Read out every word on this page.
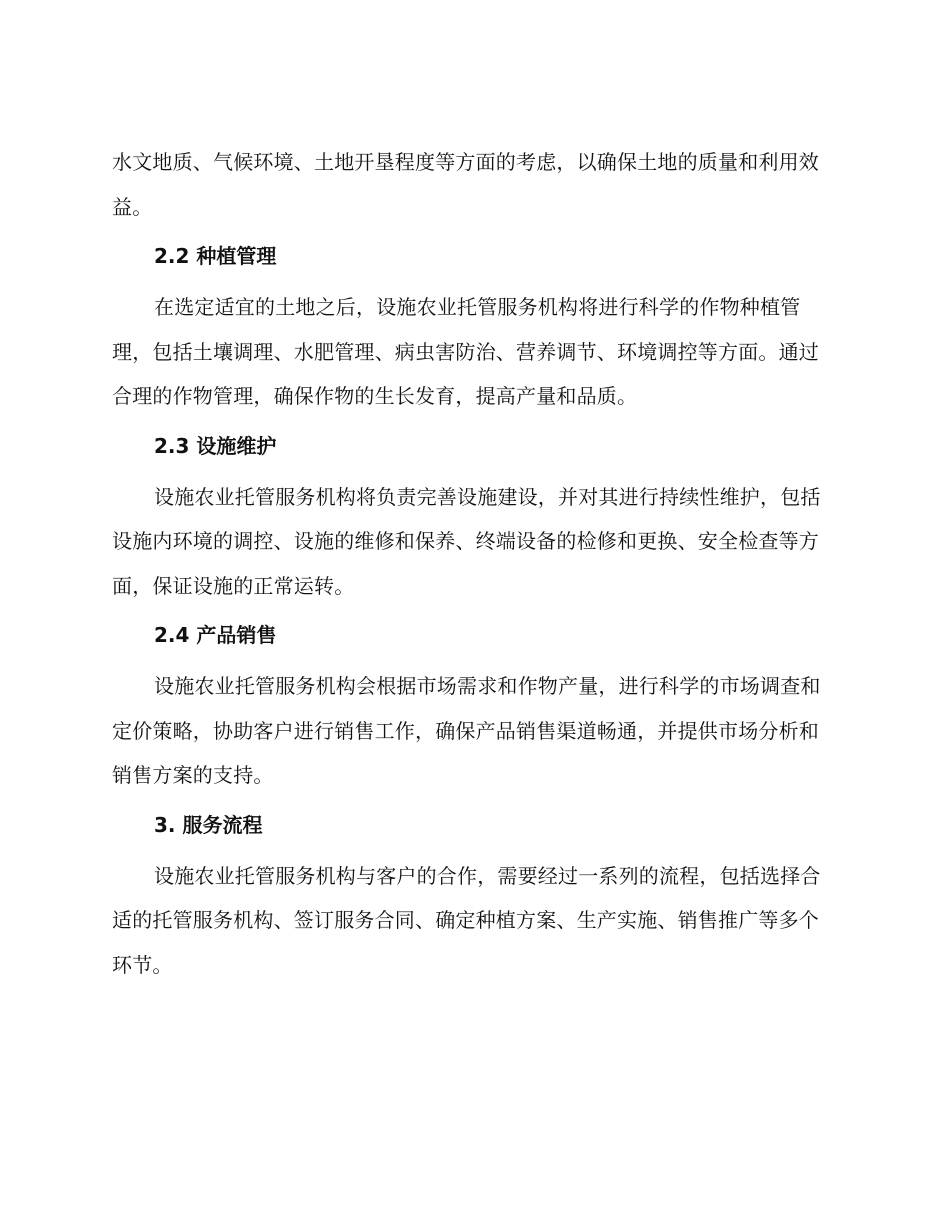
水文地质、气候环境、土地开垦程度等方面的考虑，以确保土地的质量和利用效益。

2.2 种植管理

在选定适宜的土地之后，设施农业托管服务机构将进行科学的作物种植管理，包括土壤调理、水肥管理、病虫害防治、营养调节、环境调控等方面。通过合理的作物管理，确保作物的生长发育，提高产量和品质。

2.3 设施维护

设施农业托管服务机构将负责完善设施建设，并对其进行持续性维护，包括设施内环境的调控、设施的维修和保养、终端设备的检修和更换、安全检查等方面，保证设施的正常运转。

2.4 产品销售

设施农业托管服务机构会根据市场需求和作物产量，进行科学的市场调查和定价策略，协助客户进行销售工作，确保产品销售渠道畅通，并提供市场分析和销售方案的支持。

3. 服务流程

设施农业托管服务机构与客户的合作，需要经过一系列的流程，包括选择合适的托管服务机构、签订服务合同、确定种植方案、生产实施、销售推广等多个环节。
